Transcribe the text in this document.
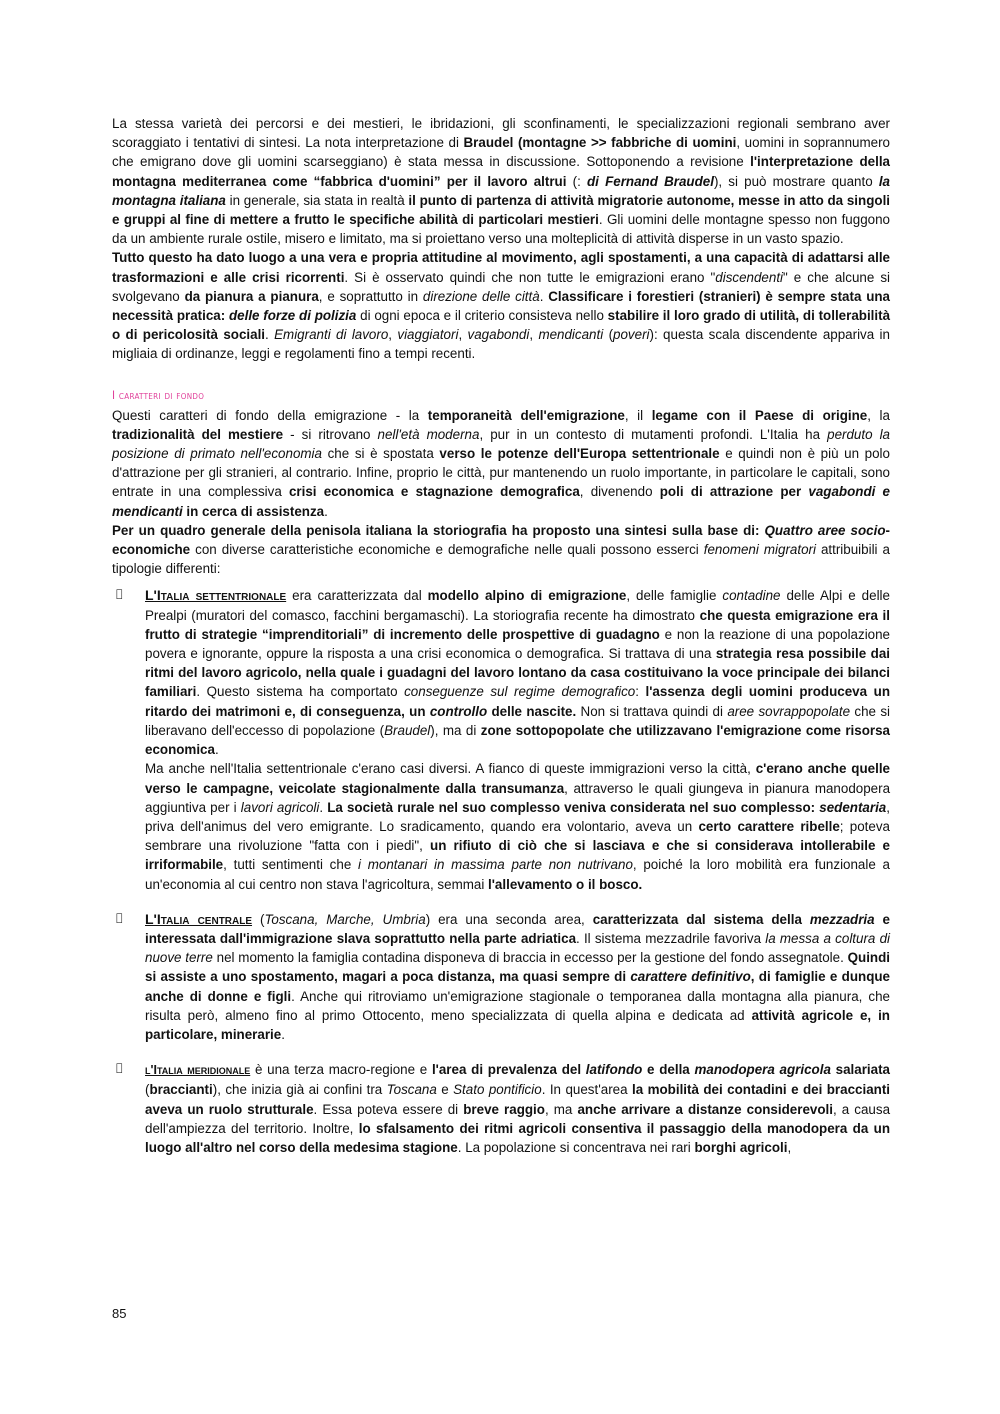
La stessa varietà dei percorsi e dei mestieri, le ibridazioni, gli sconfinamenti, le specializzazioni regionali sembrano aver scoraggiato i tentativi di sintesi. La nota interpretazione di Braudel (montagne >> fabbriche di uomini, uomini in soprannumero che emigrano dove gli uomini scarseggiano) è stata messa in discussione. Sottoponendo a revisione l'interpretazione della montagna mediterranea come “fabbrica d'uomini” per il lavoro altrui (: di Fernand Braudel), si può mostrare quanto la montagna italiana in generale, sia stata in realtà il punto di partenza di attività migratorie autonome, messe in atto da singoli e gruppi al fine di mettere a frutto le specifiche abilità di particolari mestieri. Gli uomini delle montagne spesso non fuggono da un ambiente rurale ostile, misero e limitato, ma si proiettano verso una molteplicità di attività disperse in un vasto spazio.

Tutto questo ha dato luogo a una vera e propria attitudine al movimento, agli spostamenti, a una capacità di adattarsi alle trasformazioni e alle crisi ricorrenti. Si è osservato quindi che non tutte le emigrazioni erano "discendenti" e che alcune si svolgevano da pianura a pianura, e soprattutto in direzione delle città. Classificare i forestieri (stranieri) è sempre stata una necessità pratica: delle forze di polizia di ogni epoca e il criterio consisteva nello stabilire il loro grado di utilità, di tollerabilità o di pericolosità sociali. Emigranti di lavoro, viaggiatori, vagabondi, mendicanti (poveri): questa scala discendente appariva in migliaia di ordinanze, leggi e regolamenti fino a tempi recenti.

I caratteri di fondo

Questi caratteri di fondo della emigrazione - la temporaneità dell'emigrazione, il legame con il Paese di origine, la tradizionalità del mestiere - si ritrovano nell'età moderna, pur in un contesto di mutamenti profondi. L'Italia ha perduto la posizione di primato nell'economia che si è spostata verso le potenze dell'Europa settentrionale e quindi non è più un polo d'attrazione per gli stranieri, al contrario. Infine, proprio le città, pur mantenendo un ruolo importante, in particolare le capitali, sono entrate in una complessiva crisi economica e stagnazione demografica, divenendo poli di attrazione per vagabondi e mendicanti in cerca di assistenza.

Per un quadro generale della penisola italiana la storiografia ha proposto una sintesi sulla base di: Quattro aree socio-economiche con diverse caratteristiche economiche e demografiche nelle quali possono esserci fenomeni migratori attribuibili a tipologie differenti:

L'Italia settentrionale era caratterizzata dal modello alpino di emigrazione, delle famiglie contadine delle Alpi e delle Prealpi (muratori del comasco, facchini bergamaschi). La storiografia recente ha dimostrato che questa emigrazione era il frutto di strategie “imprenditoriali” di incremento delle prospettive di guadagno e non la reazione di una popolazione povera e ignorante, oppure la risposta a una crisi economica o demografica. Si trattava di una strategia resa possibile dai ritmi del lavoro agricolo, nella quale i guadagni del lavoro lontano da casa costituivano la voce principale dei bilanci familiari. Questo sistema ha comportato conseguenze sul regime demografico: l'assenza degli uomini produceva un ritardo dei matrimoni e, di conseguenza, un controllo delle nascite. Non si trattava quindi di aree sovrappopolate che si liberavano dell'eccesso di popolazione (Braudel), ma di zone sottopopolate che utilizzavano l'emigrazione come risorsa economica.

Ma anche nell'Italia settentrionale c'erano casi diversi. A fianco di queste immigrazioni verso la città, c'erano anche quelle verso le campagne, veicolate stagionalmente dalla transumanza, attraverso le quali giungeva in pianura manodopera aggiuntiva per i lavori agricoli. La società rurale nel suo complesso veniva considerata nel suo complesso: sedentaria, priva dell'animus del vero emigrante. Lo sradicamento, quando era volontario, aveva un certo carattere ribelle; poteva sembrare una rivoluzione "fatta con i piedi", un rifiuto di ciò che si lasciava e che si considerava intollerabile e irriformabile, tutti sentimenti che i montanari in massima parte non nutrivano, poiché la loro mobilità era funzionale a un'economia al cui centro non stava l'agricoltura, semmai l'allevamento o il bosco.

L'Italia centrale (Toscana, Marche, Umbria) era una seconda area, caratterizzata dal sistema della mezzadria e interessata dall'immigrazione slava soprattutto nella parte adriatica. Il sistema mezzadrile favoriva la messa a coltura di nuove terre nel momento la famiglia contadina disponeva di braccia in eccesso per la gestione del fondo assegnatole. Quindi si assiste a uno spostamento, magari a poca distanza, ma quasi sempre di carattere definitivo, di famiglie e dunque anche di donne e figli. Anche qui ritroviamo un'emigrazione stagionale o temporanea dalla montagna alla pianura, che risulta però, almeno fino al primo Ottocento, meno specializzata di quella alpina e dedicata ad attività agricole e, in particolare, minerarie.

l'Italia meridionale è una terza macro-regione e l'area di prevalenza del latifondo e della manodopera agricola salariata (braccianti), che inizia già ai confini tra Toscana e Stato pontificio. In quest'area la mobilità dei contadini e dei braccianti aveva un ruolo strutturale. Essa poteva essere di breve raggio, ma anche arrivare a distanze considerevoli, a causa dell'ampiezza del territorio. Inoltre, lo sfalsamento dei ritmi agricoli consentiva il passaggio della manodopera da un luogo all'altro nel corso della medesima stagione. La popolazione si concentrava nei rari borghi agricoli,

85
